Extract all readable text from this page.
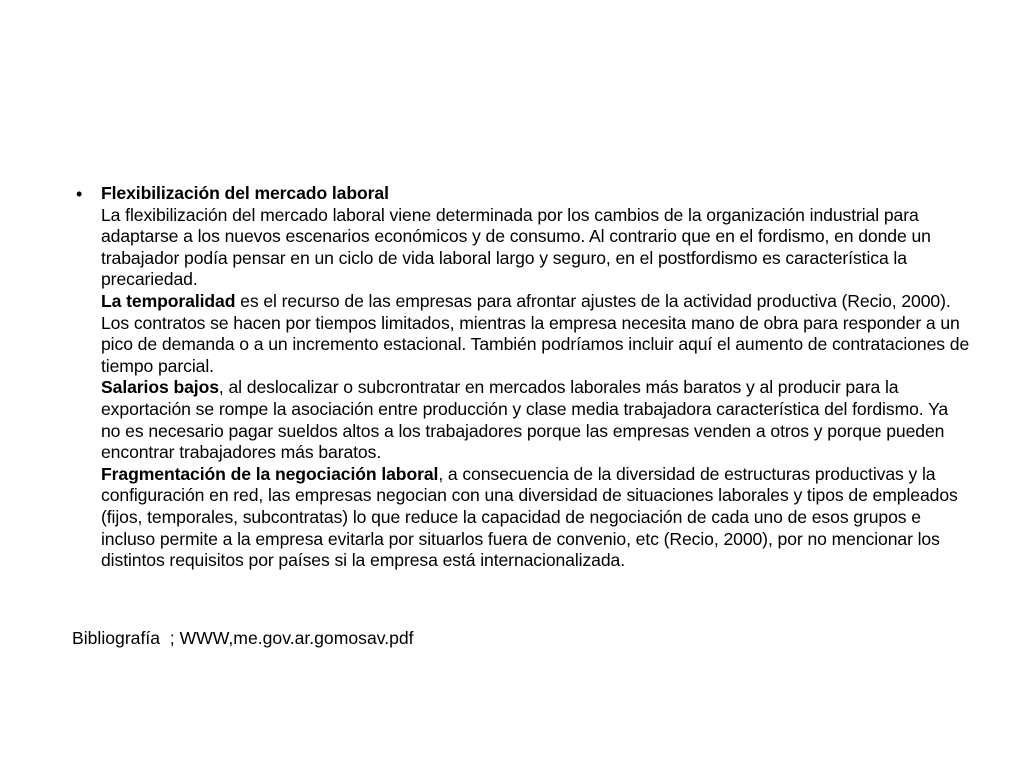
• Flexibilización del mercado laboral

La flexibilización del mercado laboral viene determinada por los cambios de la organización industrial para adaptarse a los nuevos escenarios económicos y de consumo. Al contrario que en el fordismo, en donde un trabajador podía pensar en un ciclo de vida laboral largo y seguro, en el postfordismo es característica la precariedad.

La temporalidad es el recurso de las empresas para afrontar ajustes de la actividad productiva (Recio, 2000). Los contratos se hacen por tiempos limitados, mientras la empresa necesita mano de obra para responder a un pico de demanda o a un incremento estacional. También podríamos incluir aquí el aumento de contrataciones de tiempo parcial.

Salarios bajos, al deslocalizar o subcrontratar en mercados laborales más baratos y al producir para la exportación se rompe la asociación entre producción y clase media trabajadora característica del fordismo. Ya no es necesario pagar sueldos altos a los trabajadores porque las empresas venden a otros y porque pueden encontrar trabajadores más baratos.

Fragmentación de la negociación laboral, a consecuencia de la diversidad de estructuras productivas y la configuración en red, las empresas negocian con una diversidad de situaciones laborales y tipos de empleados (fijos, temporales, subcontratas) lo que reduce la capacidad de negociación de cada uno de esos grupos e incluso permite a la empresa evitarla por situarlos fuera de convenio, etc (Recio, 2000), por no mencionar los distintos requisitos por países si la empresa está internacionalizada.

Bibliografía  ; WWW,me.gov.ar.gomosav.pdf
